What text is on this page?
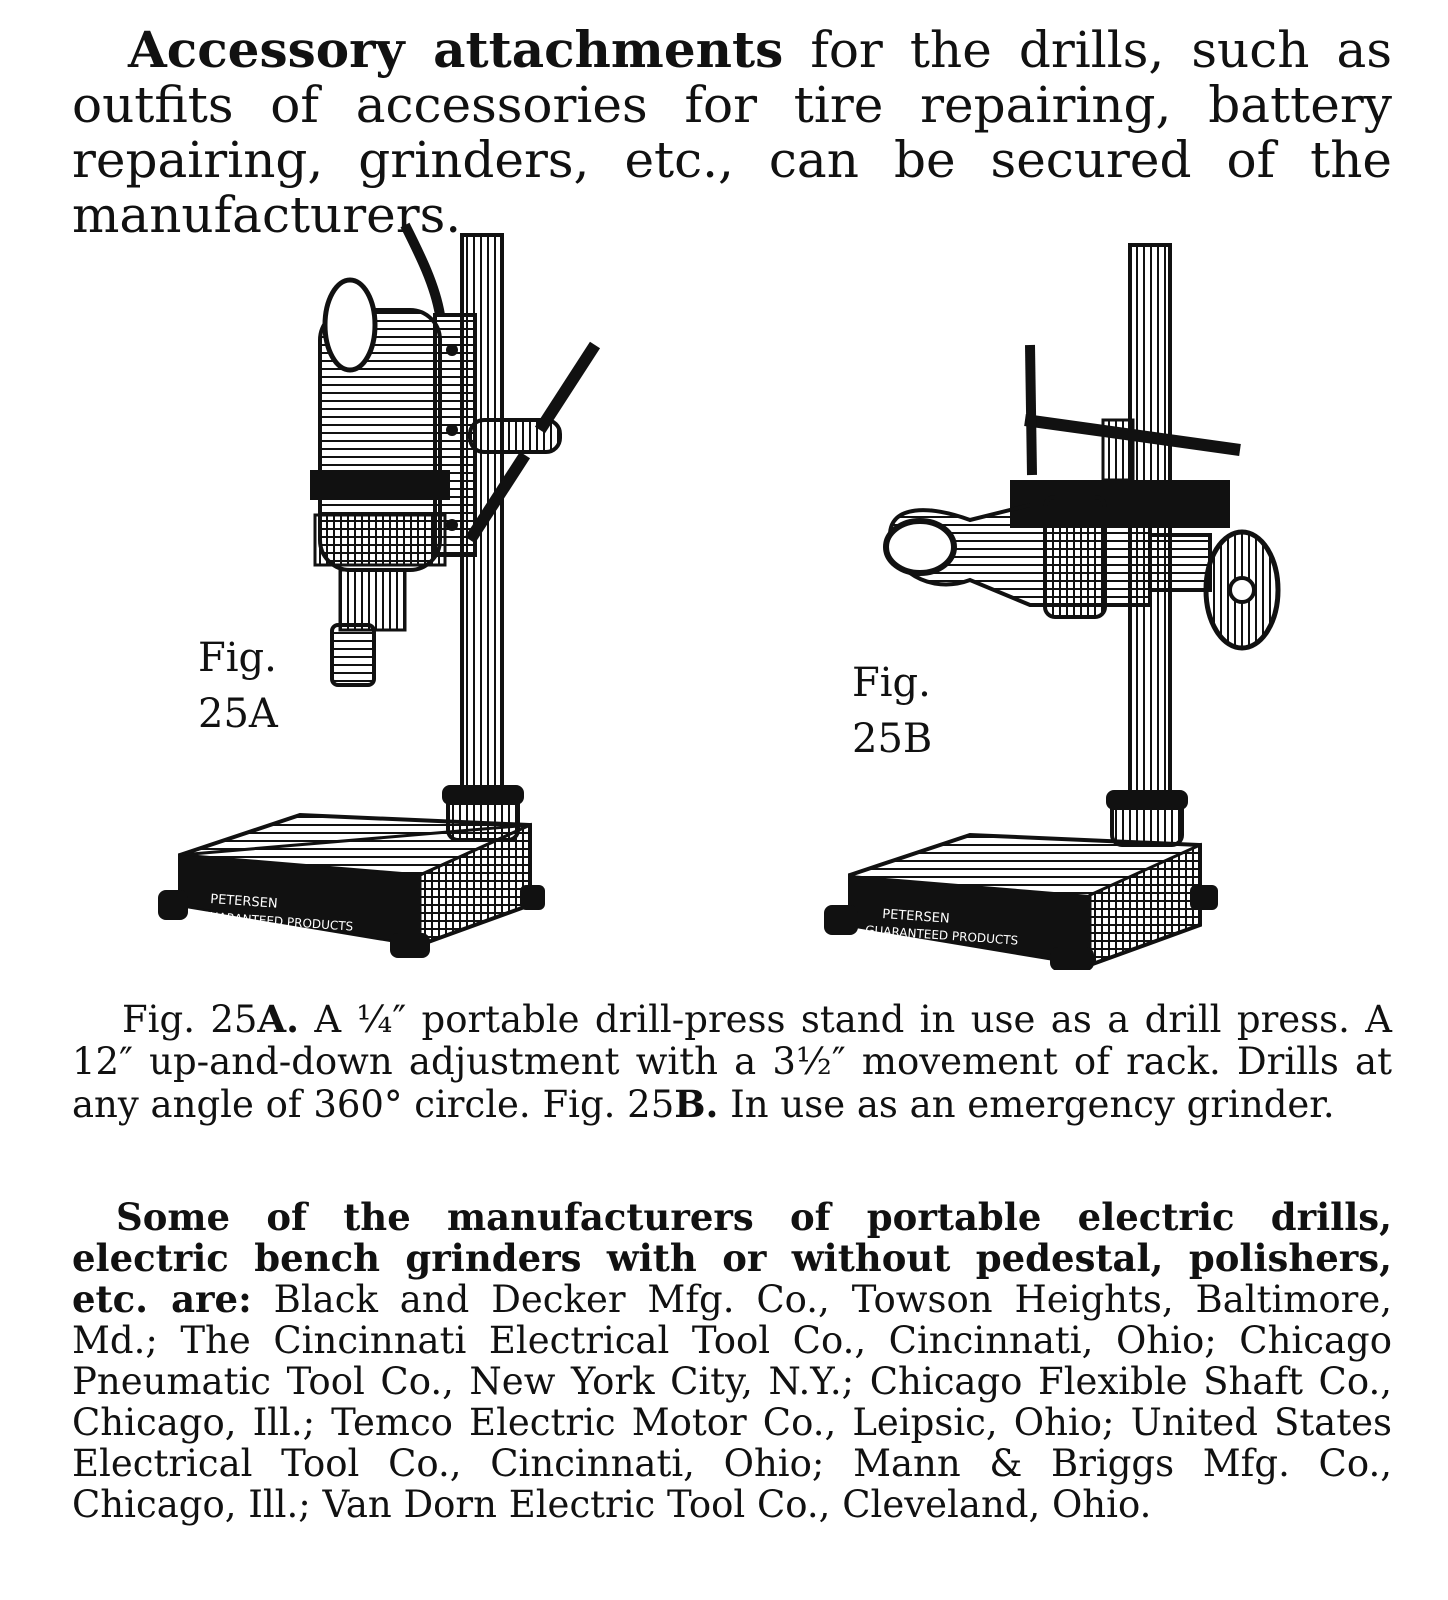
Accessory attachments for the drills, such as outfits of accessories for tire repairing, battery repairing, grinders, etc., can be secured of the manufacturers.

PETERSEN
GUARANTEED PRODUCTS
Fig.
25A
PETERSEN
GUARANTEED PRODUCTS
Fig.
25B

Fig. 25A. A ¼″ portable drill-press stand in use as a drill press. A 12″ up-and-down adjustment with a 3½″ movement of rack. Drills at any angle of 360° circle. Fig. 25B. In use as an emergency grinder.

Some of the manufacturers of portable electric drills, electric bench grinders with or without pedestal, polishers, etc. are: Black and Decker Mfg. Co., Towson Heights, Baltimore, Md.; The Cincinnati Electrical Tool Co., Cincinnati, Ohio; Chicago Pneumatic Tool Co., New York City, N.Y.; Chicago Flexible Shaft Co., Chicago, Ill.; Temco Electric Motor Co., Leipsic, Ohio; United States Electrical Tool Co., Cincinnati, Ohio; Mann & Briggs Mfg. Co., Chicago, Ill.; Van Dorn Electric Tool Co., Cleveland, Ohio.
